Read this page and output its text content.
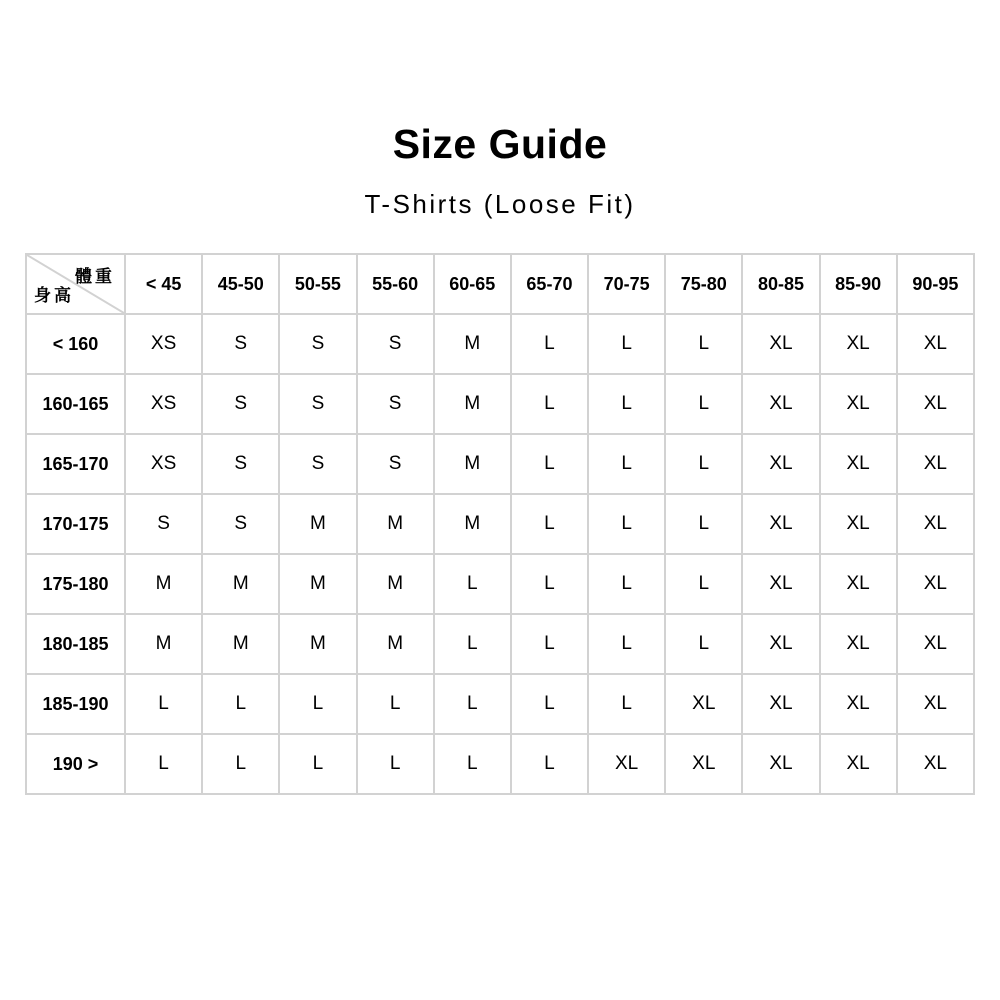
Size Guide
T-Shirts (Loose Fit)
體重
身高	< 45	45-50	50-55	55-60	60-65	65-70	70-75	75-80	80-85	85-90	90-95
< 160	XS	S	S	S	M	L	L	L	XL	XL	XL
160-165	XS	S	S	S	M	L	L	L	XL	XL	XL
165-170	XS	S	S	S	M	L	L	L	XL	XL	XL
170-175	S	S	M	M	M	L	L	L	XL	XL	XL
175-180	M	M	M	M	L	L	L	L	XL	XL	XL
180-185	M	M	M	M	L	L	L	L	XL	XL	XL
185-190	L	L	L	L	L	L	L	XL	XL	XL	XL
190 >	L	L	L	L	L	L	XL	XL	XL	XL	XL
